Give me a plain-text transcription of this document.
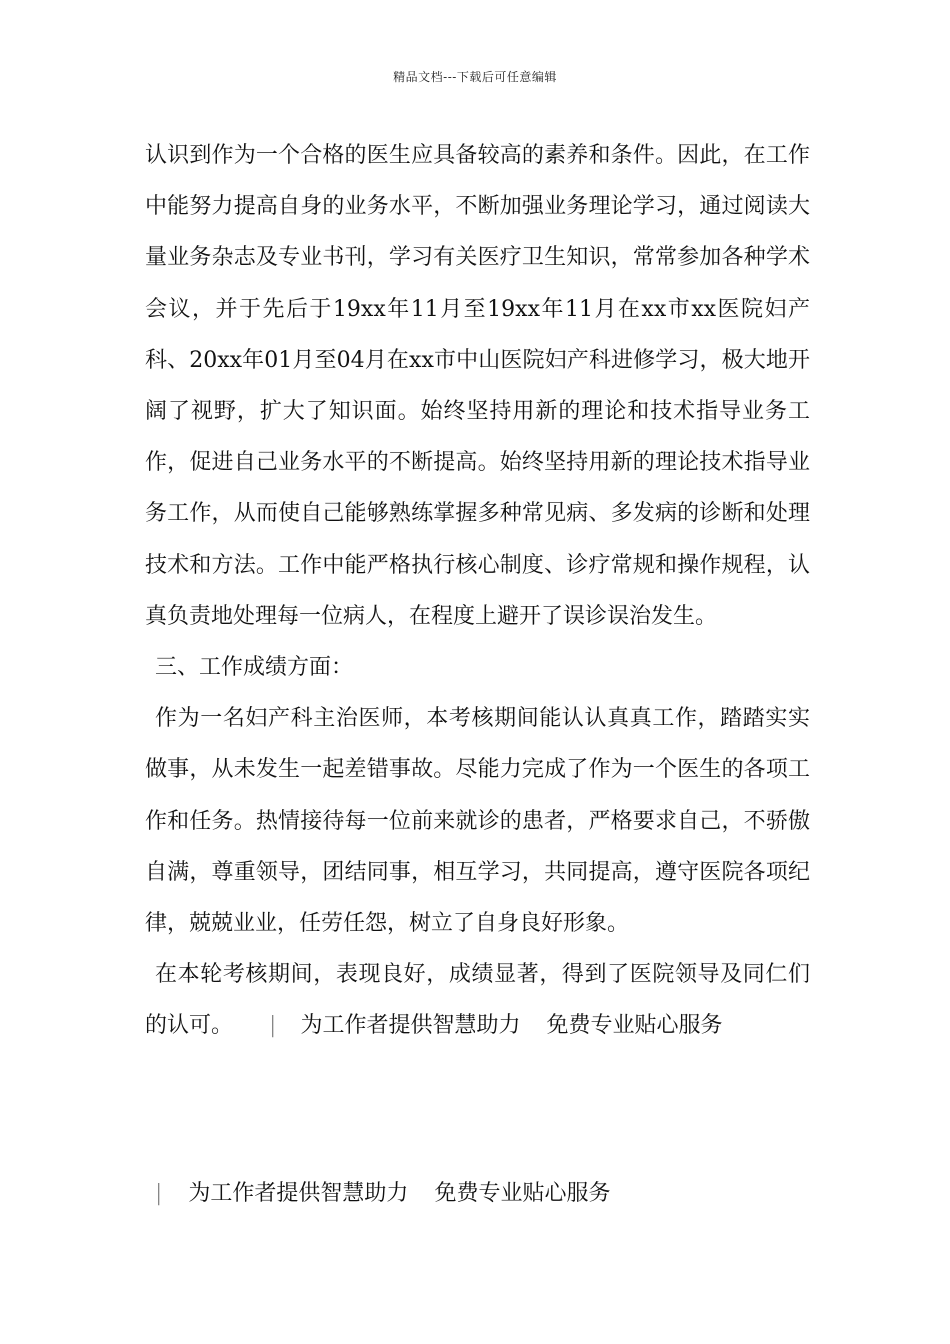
精品文档---下载后可任意编辑

认识到作为一个合格的医生应具备较高的素养和条件。因此，在工作中能努力提高自身的业务水平，不断加强业务理论学习，通过阅读大量业务杂志及专业书刊，学习有关医疗卫生知识，常常参加各种学术会议，并于先后于19xx年11月至19xx年11月在xx市xx医院妇产科、20xx年01月至04月在xx市中山医院妇产科进修学习，极大地开阔了视野，扩大了知识面。始终坚持用新的理论和技术指导业务工作，促进自己业务水平的不断提高。始终坚持用新的理论技术指导业务工作，从而使自己能够熟练掌握多种常见病、多发病的诊断和处理技术和方法。工作中能严格执行核心制度、诊疗常规和操作规程，认真负责地处理每一位病人，在程度上避开了误诊误治发生。

三、工作成绩方面：

作为一名妇产科主治医师，本考核期间能认认真真工作，踏踏实实做事，从未发生一起差错事故。尽能力完成了作为一个医生的各项工作和任务。热情接待每一位前来就诊的患者，严格要求自己，不骄傲自满，尊重领导，团结同事，相互学习，共同提高，遵守医院各项纪律，兢兢业业，任劳任怨，树立了自身良好形象。

在本轮考核期间，表现良好，成绩显著，得到了医院领导及同仁们的认可。 | 为工作者提供智慧助力 免费专业贴心服务

| 为工作者提供智慧助力 免费专业贴心服务
